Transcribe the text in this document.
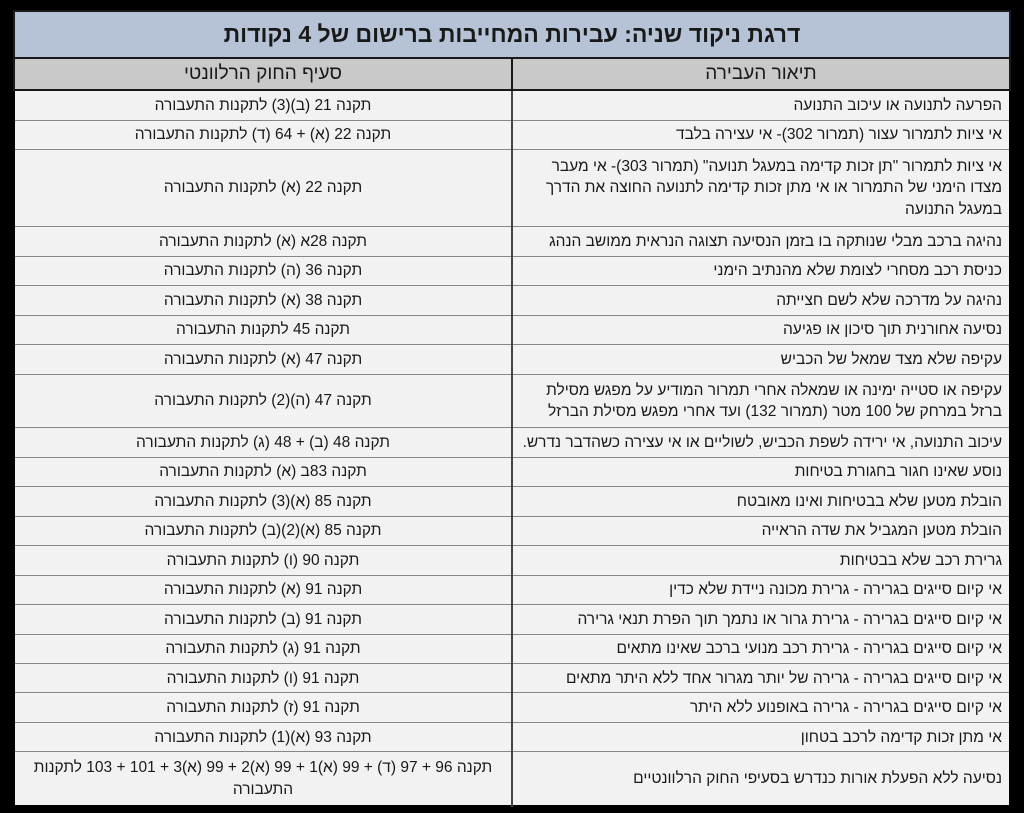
דרגת ניקוד שניה: עבירות המחייבות ברישום של 4 נקודות	
תיאור העבירה	סעיף החוק הרלוונטי
הפרעה לתנועה או עיכוב התנועה	תקנה 21 (ב)(3) לתקנות התעבורה
אי ציות לתמרור עצור (תמרור 302)- אי עצירה בלבד	תקנה 22 (א) + 64 (ד) לתקנות התעבורה
אי ציות לתמרור "תן זכות קדימה במעגל תנועה" (תמרור 303)- אי מעבר מצדו הימני של התמרור או אי מתן זכות קדימה לתנועה החוצה את הדרך במעגל התנועה	תקנה 22 (א) לתקנות התעבורה
נהיגה ברכב מבלי שנותקה בו בזמן הנסיעה תצוגה הנראית ממושב הנהג	תקנה 28א (א) לתקנות התעבורה
כניסת רכב מסחרי לצומת שלא מהנתיב הימני	תקנה 36 (ה) לתקנות התעבורה
נהיגה על מדרכה שלא לשם חצייתה	תקנה 38 (א) לתקנות התעבורה
נסיעה אחורנית תוך סיכון או פגיעה	תקנה 45 לתקנות התעבורה
עקיפה שלא מצד שמאל של הכביש	תקנה 47 (א) לתקנות התעבורה
עקיפה או סטייה ימינה או שמאלה אחרי תמרור המודיע על מפגש מסילת ברזל במרחק של 100 מטר (תמרור 132) ועד אחרי מפגש מסילת הברזל	תקנה 47 (ה)(2) לתקנות התעבורה
עיכוב התנועה, אי ירידה לשפת הכביש, לשוליים או אי עצירה כשהדבר נדרש.	תקנה 48 (ב) + 48 (ג) לתקנות התעבורה
נוסע שאינו חגור בחגורת בטיחות	תקנה 83ב (א) לתקנות התעבורה
הובלת מטען שלא בבטיחות ואינו מאובטח	תקנה 85 (א)(3) לתקנות התעבורה
הובלת מטען המגביל את שדה הראייה	תקנה 85 (א)(2)(ב) לתקנות התעבורה
גרירת רכב שלא בבטיחות	תקנה 90 (ו) לתקנות התעבורה
אי קיום סייגים בגרירה - גרירת מכונה ניידת שלא כדין	תקנה 91 (א) לתקנות התעבורה
אי קיום סייגים בגרירה - גרירת גרור או נתמך תוך הפרת תנאי גרירה	תקנה 91 (ב) לתקנות התעבורה
אי קיום סייגים בגרירה - גרירת רכב מנועי ברכב שאינו מתאים	תקנה 91 (ג) לתקנות התעבורה
אי קיום סייגים בגרירה - גרירה של יותר מגרור אחד ללא היתר מתאים	תקנה 91 (ו) לתקנות התעבורה
אי קיום סייגים בגרירה - גרירה באופנוע ללא היתר	תקנה 91 (ז) לתקנות התעבורה
אי מתן זכות קדימה לרכב בטחון	תקנה 93 (א)(1) לתקנות התעבורה
נסיעה ללא הפעלת אורות כנדרש בסעיפי החוק הרלוונטיים	תקנה 96 + 97 (ד) + 99 (א)1 + 99 (א)2 + 99 (א)3 + 101 + 103 לתקנות התעבורה
